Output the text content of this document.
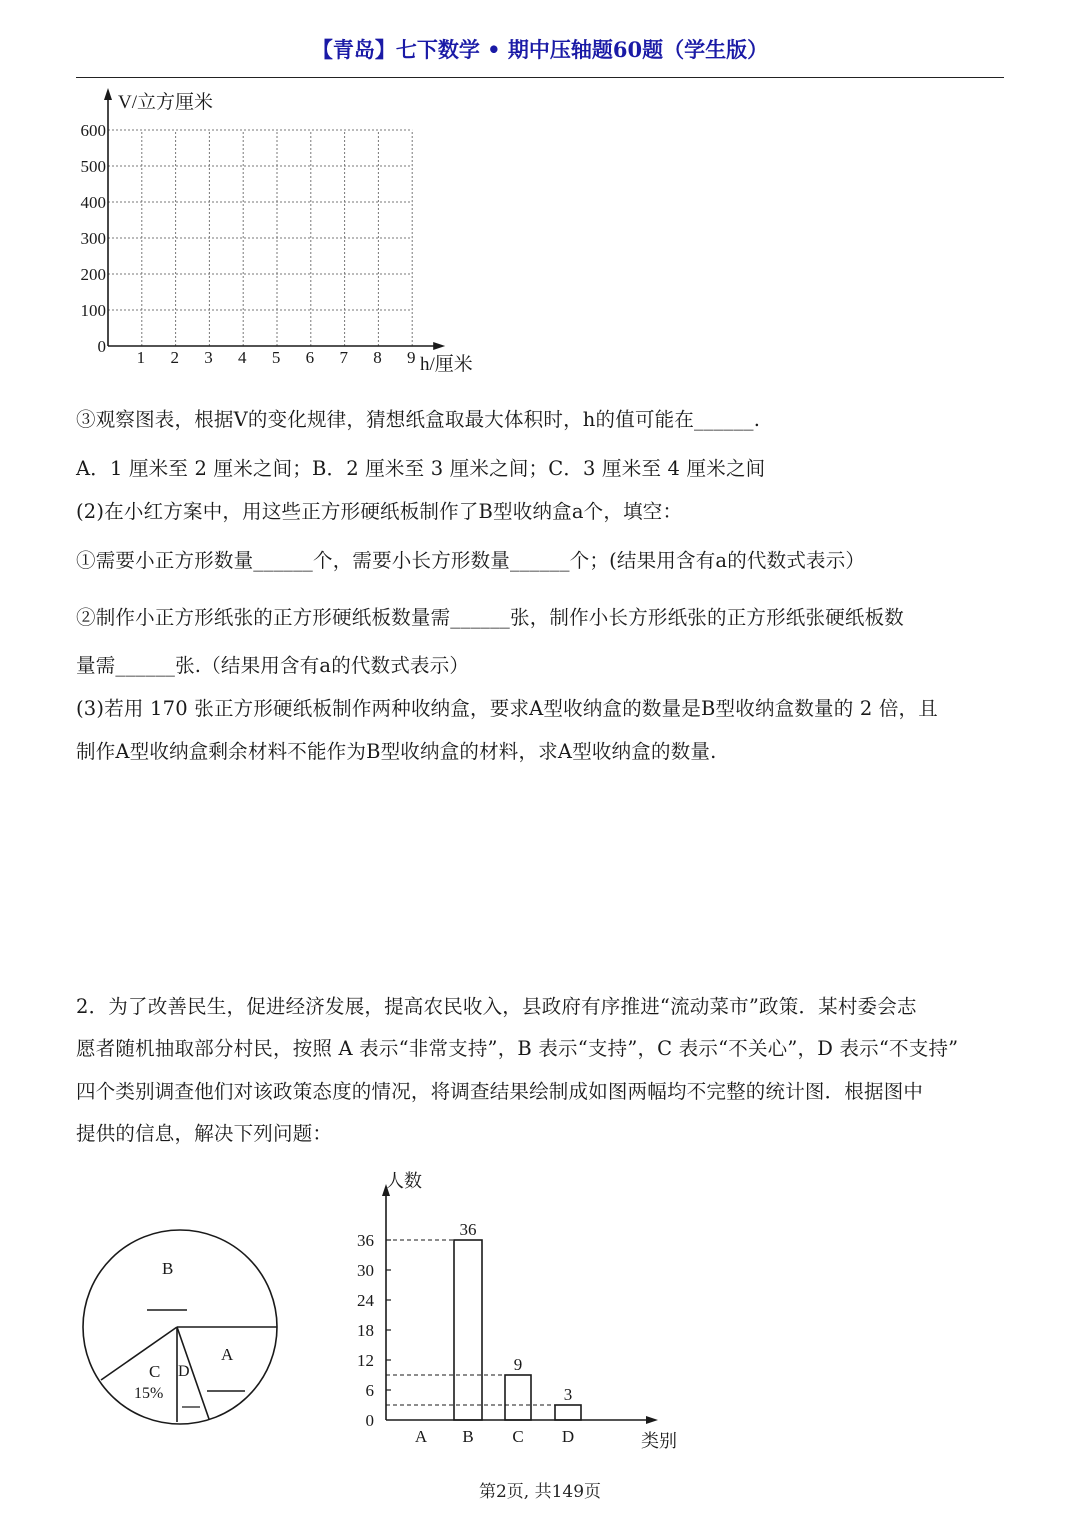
【青岛】七下数学 • 期中压轴题60题（学生版）
0
100
200
300
400
500
600
1 2 3 4 5 6 7 8 9
V/立方厘米
h/厘米
③观察图表，根据V的变化规律，猜想纸盒取最大体积时，h的值可能在______.
A．1 厘米至 2 厘米之间；B．2 厘米至 3 厘米之间；C．3 厘米至 4 厘米之间
(2)在小红方案中，用这些正方形硬纸板制作了B型收纳盒a个，填空：
①需要小正方形数量______个，需要小长方形数量______个；(结果用含有a的代数式表示）
②制作小正方形纸张的正方形硬纸板数量需______张，制作小长方形纸张的正方形纸张硬纸板数
量需______张.（结果用含有a的代数式表示）
(3)若用 170 张正方形硬纸板制作两种收纳盒，要求A型收纳盒的数量是B型收纳盒数量的 2 倍，且
制作A型收纳盒剩余材料不能作为B型收纳盒的材料，求A型收纳盒的数量.
2．为了改善民生，促进经济发展，提高农民收入，县政府有序推进“流动菜市”政策．某村委会志
愿者随机抽取部分村民，按照 A 表示“非常支持”，B 表示“支持”，C 表示“不关心”，D 表示“不支持”
四个类别调查他们对该政策态度的情况，将调查结果绘制成如图两幅均不完整的统计图．根据图中
提供的信息，解决下列问题：
B
A
C
15%
D
0
6
12
18
24
30
36
36
9
3
A B C D
人数
类别
第2页, 共149页
